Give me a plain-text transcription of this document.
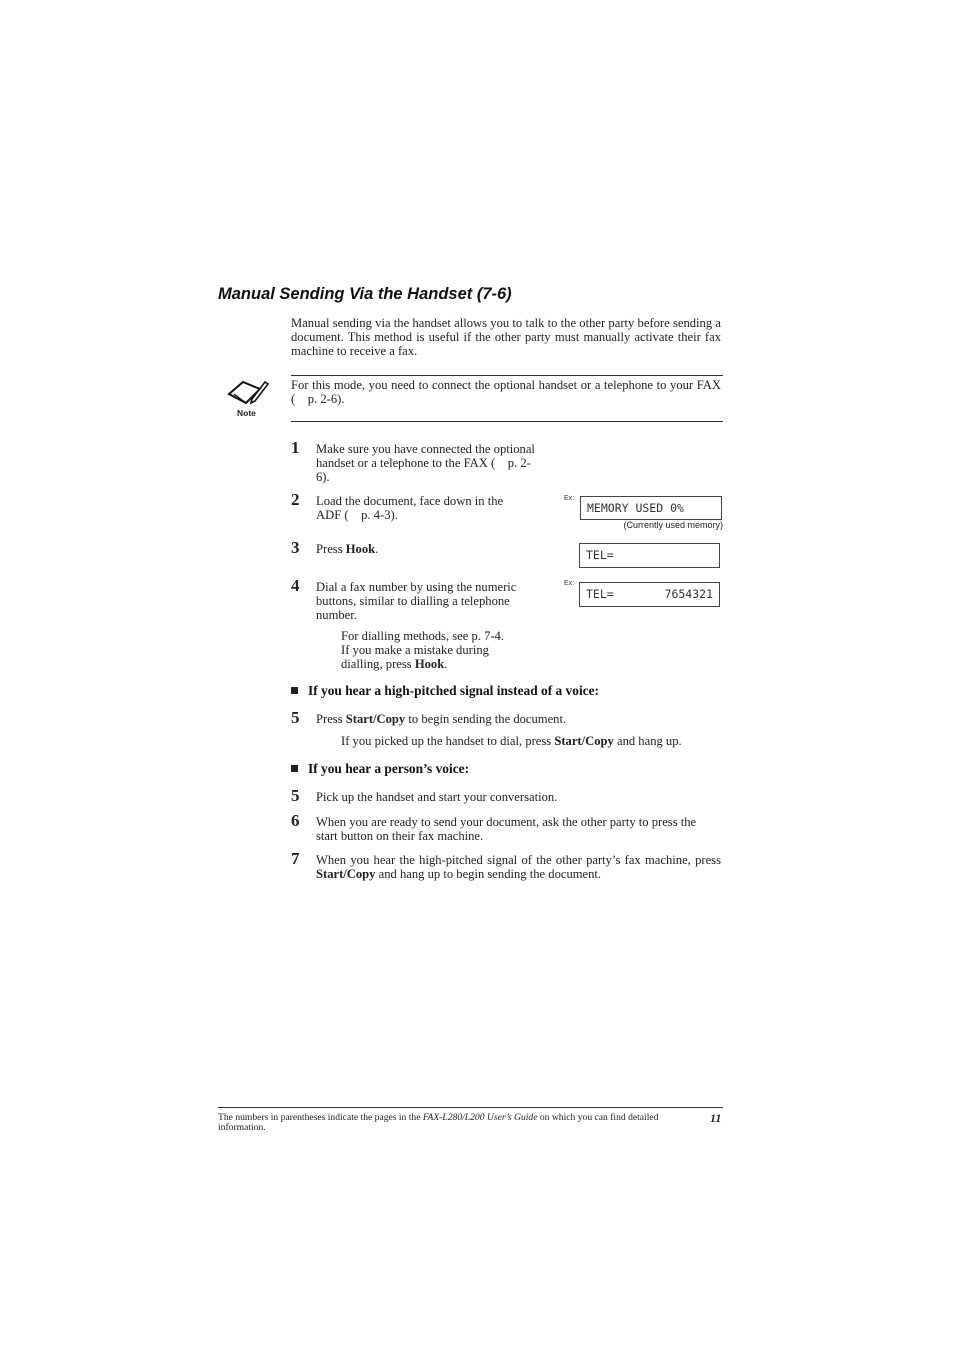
Manual Sending Via the Handset (7-6)

Manual sending via the handset allows you to talk to the other party before sending a document. This method is useful if the other party must manually activate their fax machine to receive a fax.

Note

For this mode, you need to connect the optional handset or a telephone to your FAX (    p. 2-6).

1 Make sure you have connected the optional handset or a telephone to the FAX (    p. 2-6).

2 Load the document, face down in the ADF (    p. 4-3).

3 Press Hook.

4 Dial a fax number by using the numeric buttons, similar to dialling a telephone number.

For dialling methods, see p. 7-4.
If you make a mistake during
dialling, press Hook.
Ex:
MEMORY USED 0%
(Currently used memory)
TEL=
Ex:
TEL=	7654321
If you hear a high-pitched signal instead of a voice:
5 Press Start/Copy to begin sending the document.

If you picked up the handset to dial, press Start/Copy and hang up.

If you hear a person’s voice:
5 Pick up the handset and start your conversation.

6 When you are ready to send your document, ask the other party to press the start button on their fax machine.

7 When you hear the high-pitched signal of the other party’s fax machine, press Start/Copy and hang up to begin sending the document.

The numbers in parentheses indicate the pages in the FAX-L280/L200 User’s Guide on which you can find detailed information.

11
